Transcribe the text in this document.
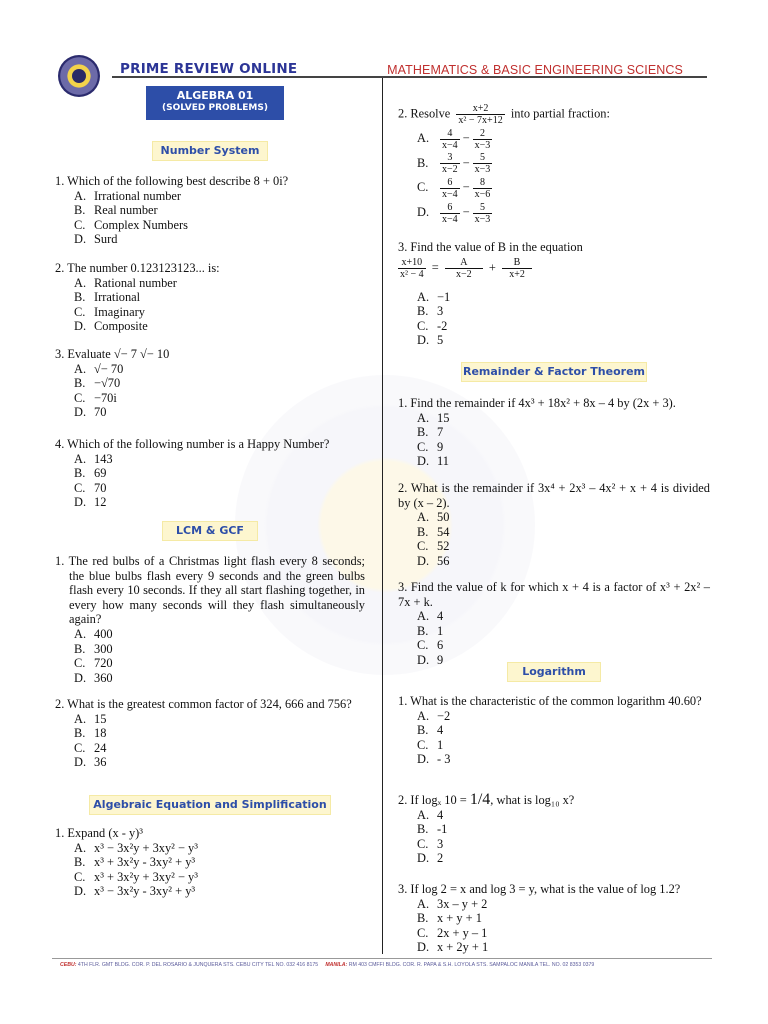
PRIME REVIEW ONLINE	MATHEMATICS & BASIC ENGINEERING SCIENCS
ALGEBRA 01
(SOLVED PROBLEMS)
Number System
1. Which of the following best describe 8 + 0i?
A. Irrational number
B. Real number
C. Complex Numbers
D. Surd
2. The number 0.123123123... is:
A. Rational number
B. Irrational
C. Imaginary
D. Composite
3. Evaluate √− 7 √− 10
A. √− 70
B. −√70
C. −70i
D. 70
4. Which of the following number is a Happy Number?
A. 143
B. 69
C. 70
D. 12
LCM & GCF
1. The red bulbs of a Christmas light flash every 8 seconds; the blue bulbs flash every 9 seconds and the green bulbs flash every 10 seconds. If they all start flashing together, in every how many seconds will they flash simultaneously again?
A. 400
B. 300
C. 720
D. 360
2. What is the greatest common factor of 324, 666 and 756?
A. 15
B. 18
C. 24
D. 36
Algebraic Equation and Simplification
1. Expand (x - y)³
A. x³ − 3x²y + 3xy² − y³
B. x³ + 3x²y - 3xy² + y³
C. x³ + 3x²y + 3xy² − y³
D. x³ − 3x²y - 3xy² + y³
2. Resolve $\frac{x+2}{\text{x² − 7x+12}}$ into partial fraction:
A. $\frac{4}{x-4} - \frac{2}{x-3}$
B. $\frac{3}{x-2} - \frac{5}{x-3}$
C. $\frac{6}{x-4} - \frac{8}{x-6}$
D. $\frac{6}{x-4} - \frac{5}{x-3}$
3. Find the value of B in the equation
$\frac{x+10}{\text{x² − 4}} = \frac{A}{x-2} + \frac{B}{x+2}$
A. −1
B. 3
C. -2
D. 5
Remainder & Factor Theorem
1. Find the remainder if 4x³ + 18x² + 8x – 4 by (2x + 3).
A. 15
B. 7
C. 9
D. 11
2. What is the remainder if 3x⁴ + 2x³ – 4x² + x + 4 is divided by (x – 2).
A. 50
B. 54
C. 52
D. 56
3. Find the value of k for which x + 4 is a factor of x³ + 2x² – 7x + k.
A. 4
B. 1
C. 6
D. 9
Logarithm
1. What is the characteristic of the common logarithm 40.60?
A. −2
B. 4
C. 1
D. - 3
2. If logₓ 10 = 1/4, what is log₁₀ x?
A. 4
B. -1
C. 3
D. 2
3. If log 2 = x and log 3 = y, what is the value of log 1.2?
A. 3x – y + 2
B. x + y + 1
C. 2x + y – 1
D. x + 2y + 1
CEBU: 4TH FLR. GMT BLDG. COR. P. DEL ROSARIO & JUNQUERA STS. CEBU CITY TEL NO. 032 416 8175 MANILA: RM 403 CMFFI BLDG. COR. R. PAPA & S.H. LOYOLA STS. SAMPALOC MANILA TEL. NO. 02 8353 0379
